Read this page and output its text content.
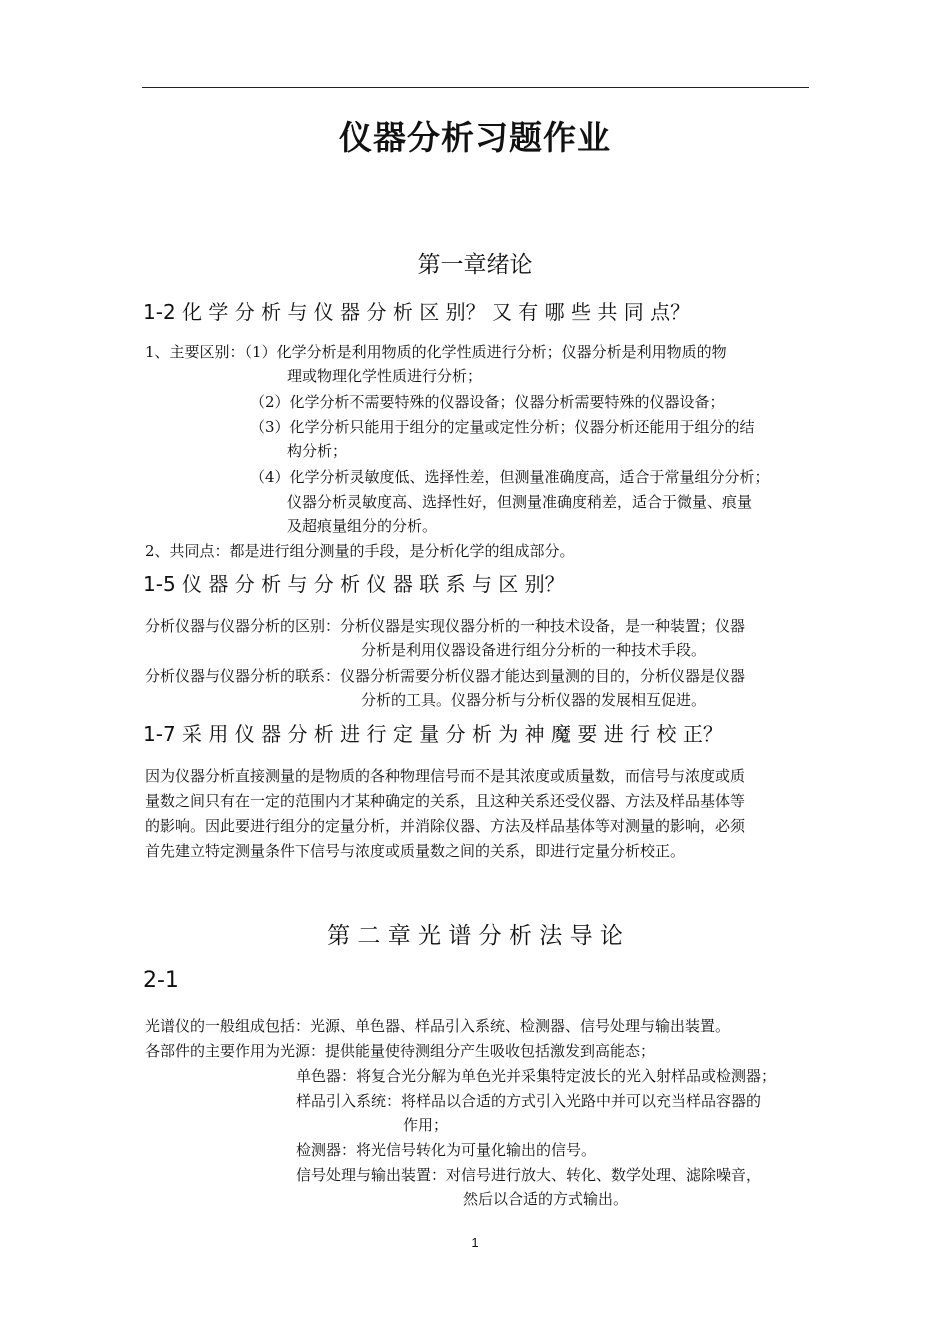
仪器分析习题作业
第一章绪论
1-2 化 学 分 析 与 仪 器 分 析 区 别？ 又 有 哪 些 共 同 点？
1、主要区别：（1）化学分析是利用物质的化学性质进行分析；仪器分析是利用物质的物
理或物理化学性质进行分析；
（2）化学分析不需要特殊的仪器设备；仪器分析需要特殊的仪器设备；
（3）化学分析只能用于组分的定量或定性分析；仪器分析还能用于组分的结
构分析；
（4）化学分析灵敏度低、选择性差，但测量准确度高，适合于常量组分分析；
仪器分析灵敏度高、选择性好，但测量准确度稍差，适合于微量、痕量
及超痕量组分的分析。
2、共同点：都是进行组分测量的手段，是分析化学的组成部分。
1-5 仪 器 分 析 与 分 析 仪 器 联 系 与 区 别？
分析仪器与仪器分析的区别：分析仪器是实现仪器分析的一种技术设备，是一种装置；仪器
分析是利用仪器设备进行组分分析的一种技术手段。
分析仪器与仪器分析的联系：仪器分析需要分析仪器才能达到量测的目的，分析仪器是仪器
分析的工具。仪器分析与分析仪器的发展相互促进。
1-7 采 用 仪 器 分 析 进 行 定 量 分 析 为 神 魔 要 进 行 校 正？
因为仪器分析直接测量的是物质的各种物理信号而不是其浓度或质量数，而信号与浓度或质
量数之间只有在一定的范围内才某种确定的关系，且这种关系还受仪器、方法及样品基体等
的影响。因此要进行组分的定量分析，并消除仪器、方法及样品基体等对测量的影响，必须
首先建立特定测量条件下信号与浓度或质量数之间的关系，即进行定量分析校正。
第 二 章 光 谱 分 析 法 导 论
2-1
光谱仪的一般组成包括：光源、单色器、样品引入系统、检测器、信号处理与输出装置。
各部件的主要作用为光源：提供能量使待测组分产生吸收包括激发到高能态；
单色器：将复合光分解为单色光并采集特定波长的光入射样品或检测器；
样品引入系统：将样品以合适的方式引入光路中并可以充当样品容器的
作用；
检测器：将光信号转化为可量化输出的信号。
信号处理与输出装置：对信号进行放大、转化、数学处理、滤除噪音，
然后以合适的方式输出。
1
